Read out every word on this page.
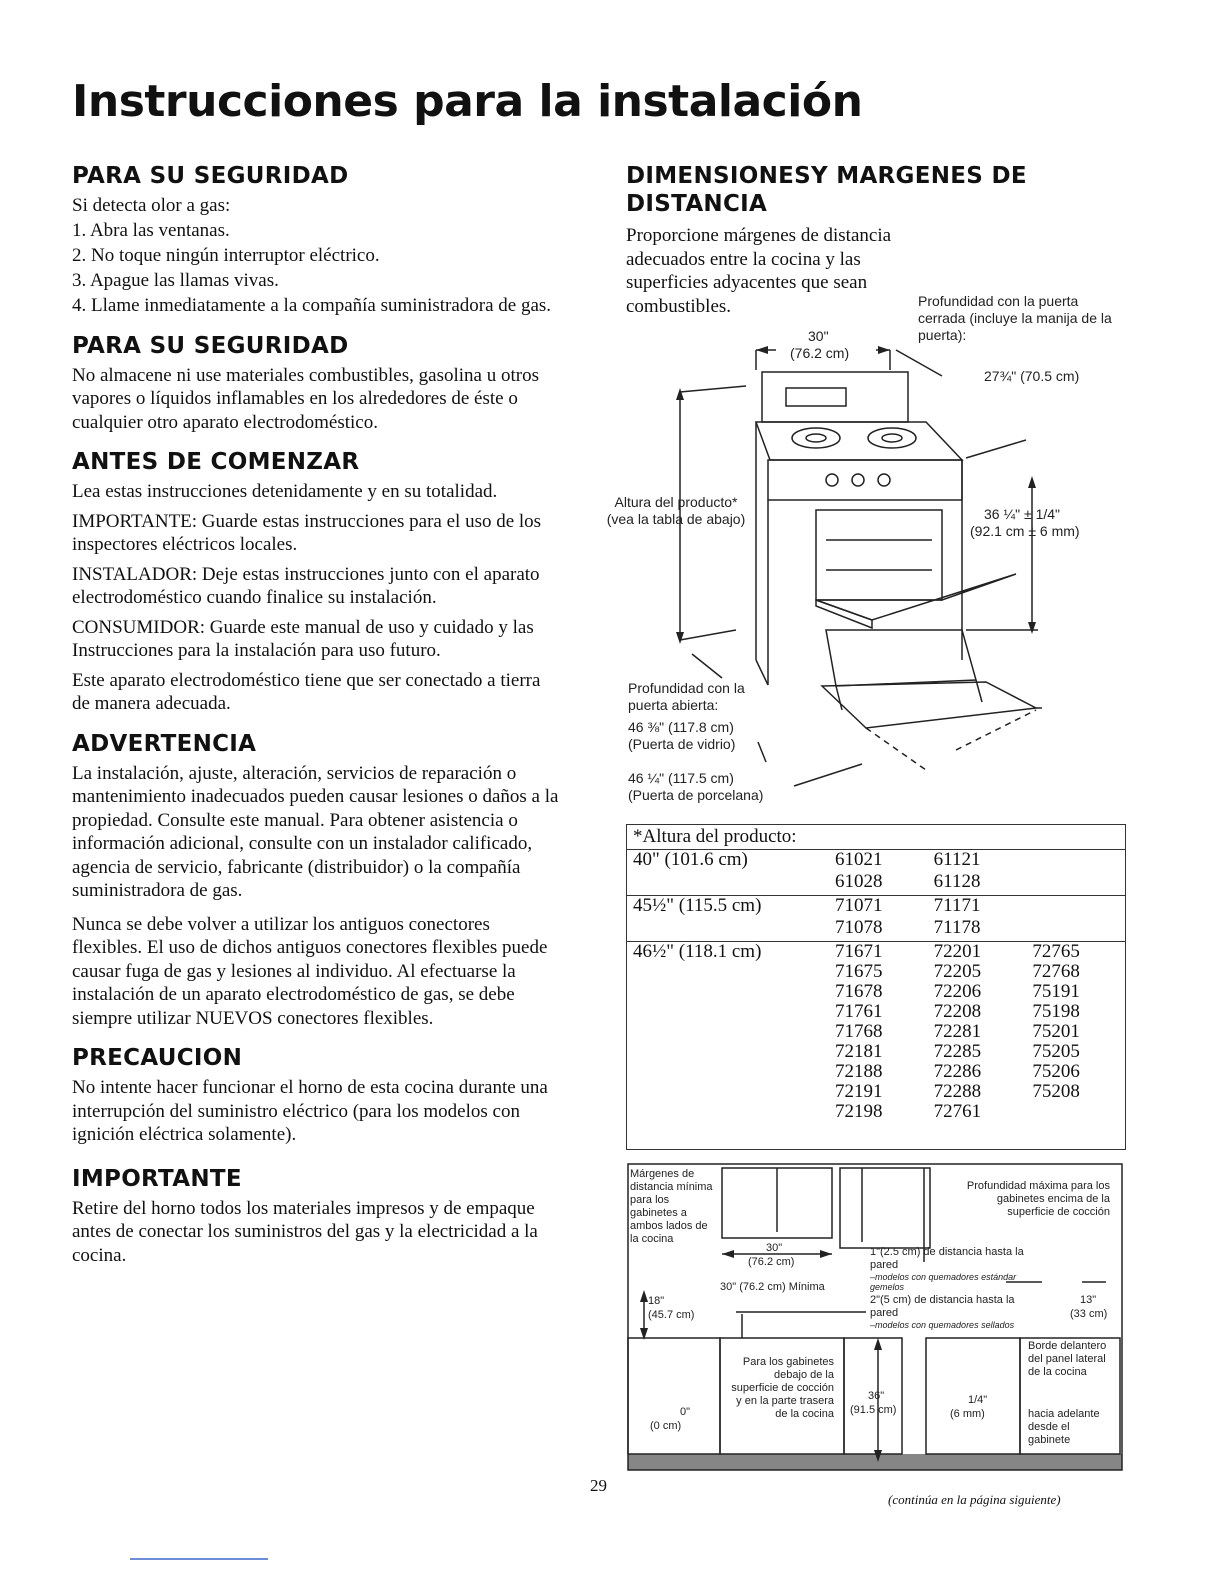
Instrucciones para la instalación
PARA SU SEGURIDAD

Si detecta olor a gas:

1. Abra las ventanas.
2. No toque ningún interruptor eléctrico.
3. Apague las llamas vivas.
4. Llame inmediatamente a la compañía suministradora de gas.
PARA SU SEGURIDAD

No almacene ni use materiales combustibles, gasolina u otros vapores o líquidos inflamables en los alrededores de éste o cualquier otro aparato electrodoméstico.

ANTES DE COMENZAR

Lea estas instrucciones detenidamente y en su totalidad.

IMPORTANTE: Guarde estas instrucciones para el uso de los inspectores eléctricos locales.

INSTALADOR: Deje estas instrucciones junto con el aparato electrodoméstico cuando finalice su instalación.

CONSUMIDOR: Guarde este manual de uso y cuidado y las Instrucciones para la instalación para uso futuro.

Este aparato electrodoméstico tiene que ser conectado a tierra de manera adecuada.

ADVERTENCIA

La instalación, ajuste, alteración, servicios de reparación o mantenimiento inadecuados pueden causar lesiones o daños a la propiedad. Consulte este manual. Para obtener asistencia o información adicional, consulte con un instalador calificado, agencia de servicio, fabricante (distribuidor) o la compañía suministradora de gas.

Nunca se debe volver a utilizar los antiguos conectores flexibles. El uso de dichos antiguos conectores flexibles puede causar fuga de gas y lesiones al individuo. Al efectuarse la instalación de un aparato electrodoméstico de gas, se debe siempre utilizar NUEVOS conectores flexibles.

PRECAUCION

No intente hacer funcionar el horno de esta cocina durante una interrupción del suministro eléctrico (para los modelos con ignición eléctrica solamente).

IMPORTANTE

Retire del horno todos los materiales impresos y de empaque antes de conectar los suministros del gas y la electricidad a la cocina.

DIMENSIONESY MARGENES DE DISTANCIA

Proporcione márgenes de distancia adecuados entre la cocina y las superficies adyacentes que sean combustibles.	Profundidad con la puerta cerrada (incluye la manija de la puerta):
30"
(76.2 cm)
27¾" (70.5 cm)
Altura del producto* (vea la tabla de abajo)	36 ¼" ± 1/4"
(92.1 cm ± 6 mm)
Profundidad con la puerta abierta:
46 ⅜" (117.8 cm)
(Puerta de vidrio)
46 ¼" (117.5 cm)
(Puerta de porcelana)
*Altura del producto:			
40" (101.6 cm)	61021	61121	
	61028	61128	
45½" (115.5 cm)	71071	71171	
	71078	71178	
46½" (118.1 cm)	71671	72201	72765
	71675	72205	72768
	71678	72206	75191
	71761	72208	75198
	71768	72281	75201
	72181	72285	75205
	72188	72286	75206
	72191	72288	75208
	72198	72761	
Márgenes de distancia mínima para los gabinetes a ambos lados de la cocina
Profundidad máxima para los gabinetes encima de la superficie de cocción
30"
(76.2 cm)
30" (76.2 cm) Mínima
18"
(45.7 cm)
1"(2.5 cm) de distancia hasta la pared
–modelos con quemadores estándar gemelos
2"(5 cm) de distancia hasta la pared
–modelos con quemadores sellados
13"
(33 cm)
0"
(0 cm)
Para los gabinetes debajo de la superficie de cocción y en la parte trasera de la cocina
36"
(91.5 cm)
1/4"
(6 mm)
Borde delantero del panel lateral de la cocina
hacia adelante desde el gabinete
29
(continúa en la página siguiente)
